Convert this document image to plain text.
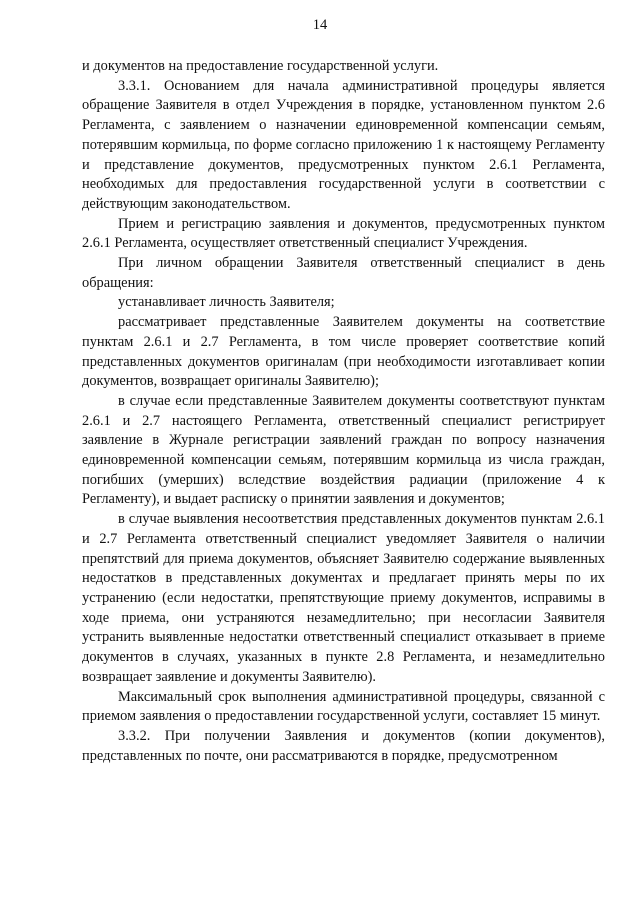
14

и документов на предоставление государственной услуги.

3.3.1. Основанием для начала административной процедуры является обращение Заявителя в отдел Учреждения в порядке, установленном пунктом 2.6 Регламента, с заявлением о назначении единовременной компенсации семьям, потерявшим кормильца, по форме согласно приложению 1 к настоящему Регламенту и представление документов, предусмотренных пунктом 2.6.1 Регламента, необходимых для предоставления государственной услуги в соответствии с действующим законодательством.

Прием и регистрацию заявления и документов, предусмотренных пунктом 2.6.1 Регламента, осуществляет ответственный специалист Учреждения.

При личном обращении Заявителя ответственный специалист в день обращения:

устанавливает личность Заявителя;

рассматривает представленные Заявителем документы на соответствие пунктам 2.6.1 и 2.7 Регламента, в том числе проверяет соответствие копий представленных документов оригиналам (при необходимости изготавливает копии документов, возвращает оригиналы Заявителю);

в случае если представленные Заявителем документы соответствуют пунктам 2.6.1 и 2.7 настоящего Регламента, ответственный специалист регистрирует заявление в Журнале регистрации заявлений граждан по вопросу назначения единовременной компенсации семьям, потерявшим кормильца из числа граждан, погибших (умерших) вследствие воздействия радиации (приложение 4 к Регламенту), и выдает расписку о принятии заявления и документов;

в случае выявления несоответствия представленных документов пунктам 2.6.1 и 2.7 Регламента ответственный специалист уведомляет Заявителя о наличии препятствий для приема документов, объясняет Заявителю содержание выявленных недостатков в представленных документах и предлагает принять меры по их устранению (если недостатки, препятствующие приему документов, исправимы в ходе приема, они устраняются незамедлительно; при несогласии Заявителя устранить выявленные недостатки ответственный специалист отказывает в приеме документов в случаях, указанных в пункте 2.8 Регламента, и незамедлительно возвращает заявление и документы Заявителю).

Максимальный срок выполнения административной процедуры, связанной с приемом заявления о предоставлении государственной услуги, составляет 15 минут.

3.3.2. При получении Заявления и документов (копии документов), представленных по почте, они рассматриваются в порядке, предусмотренном
